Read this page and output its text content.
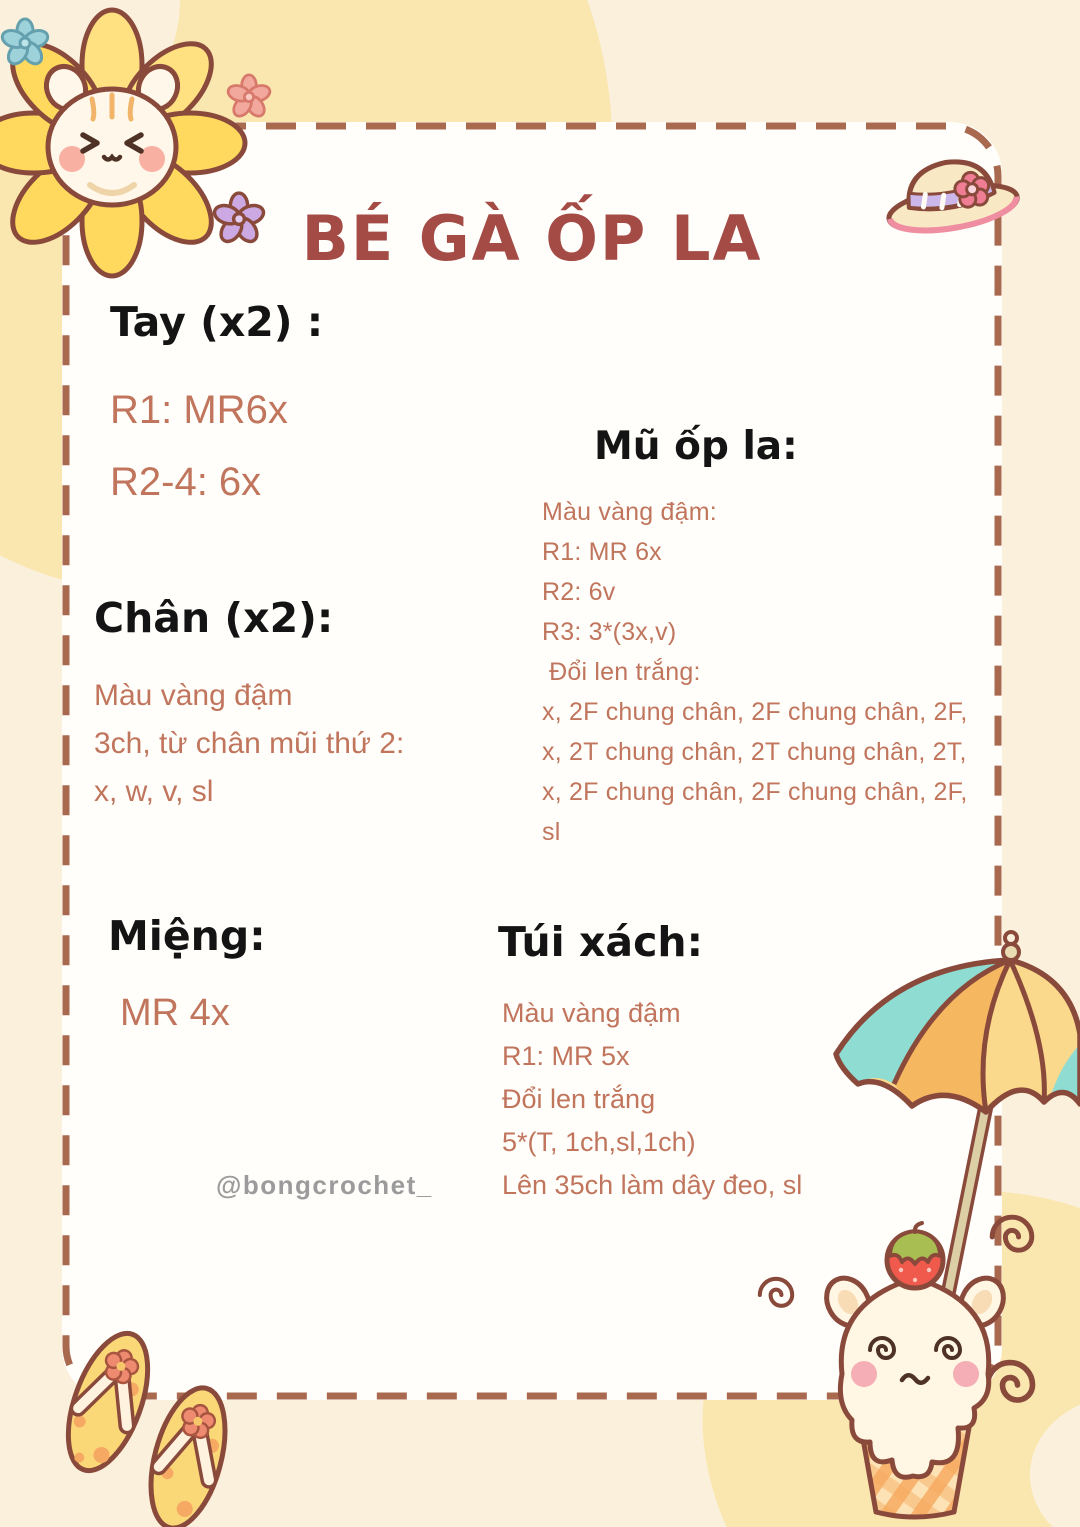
BÉ GÀ ỐP LA
Tay (x2) :
R1: MR6x
R2-4: 6x
Mũ ốp la:
Màu vàng đậm:
R1: MR 6x
R2: 6v
R3: 3*(3x,v)
Đổi len trắng:
x, 2F chung chân, 2F chung chân, 2F,
x, 2T chung chân, 2T chung chân, 2T,
x, 2F chung chân, 2F chung chân, 2F,
sl
Chân (x2):
Màu vàng đậm
3ch, từ chân mũi thứ 2:
x, w, v, sl
Miệng:
MR 4x
Túi xách:
Màu vàng đậm
R1: MR 5x
Đổi len trắng
5*(T, 1ch,sl,1ch)
Lên 35ch làm dây đeo, sl
@bongcrochet_
